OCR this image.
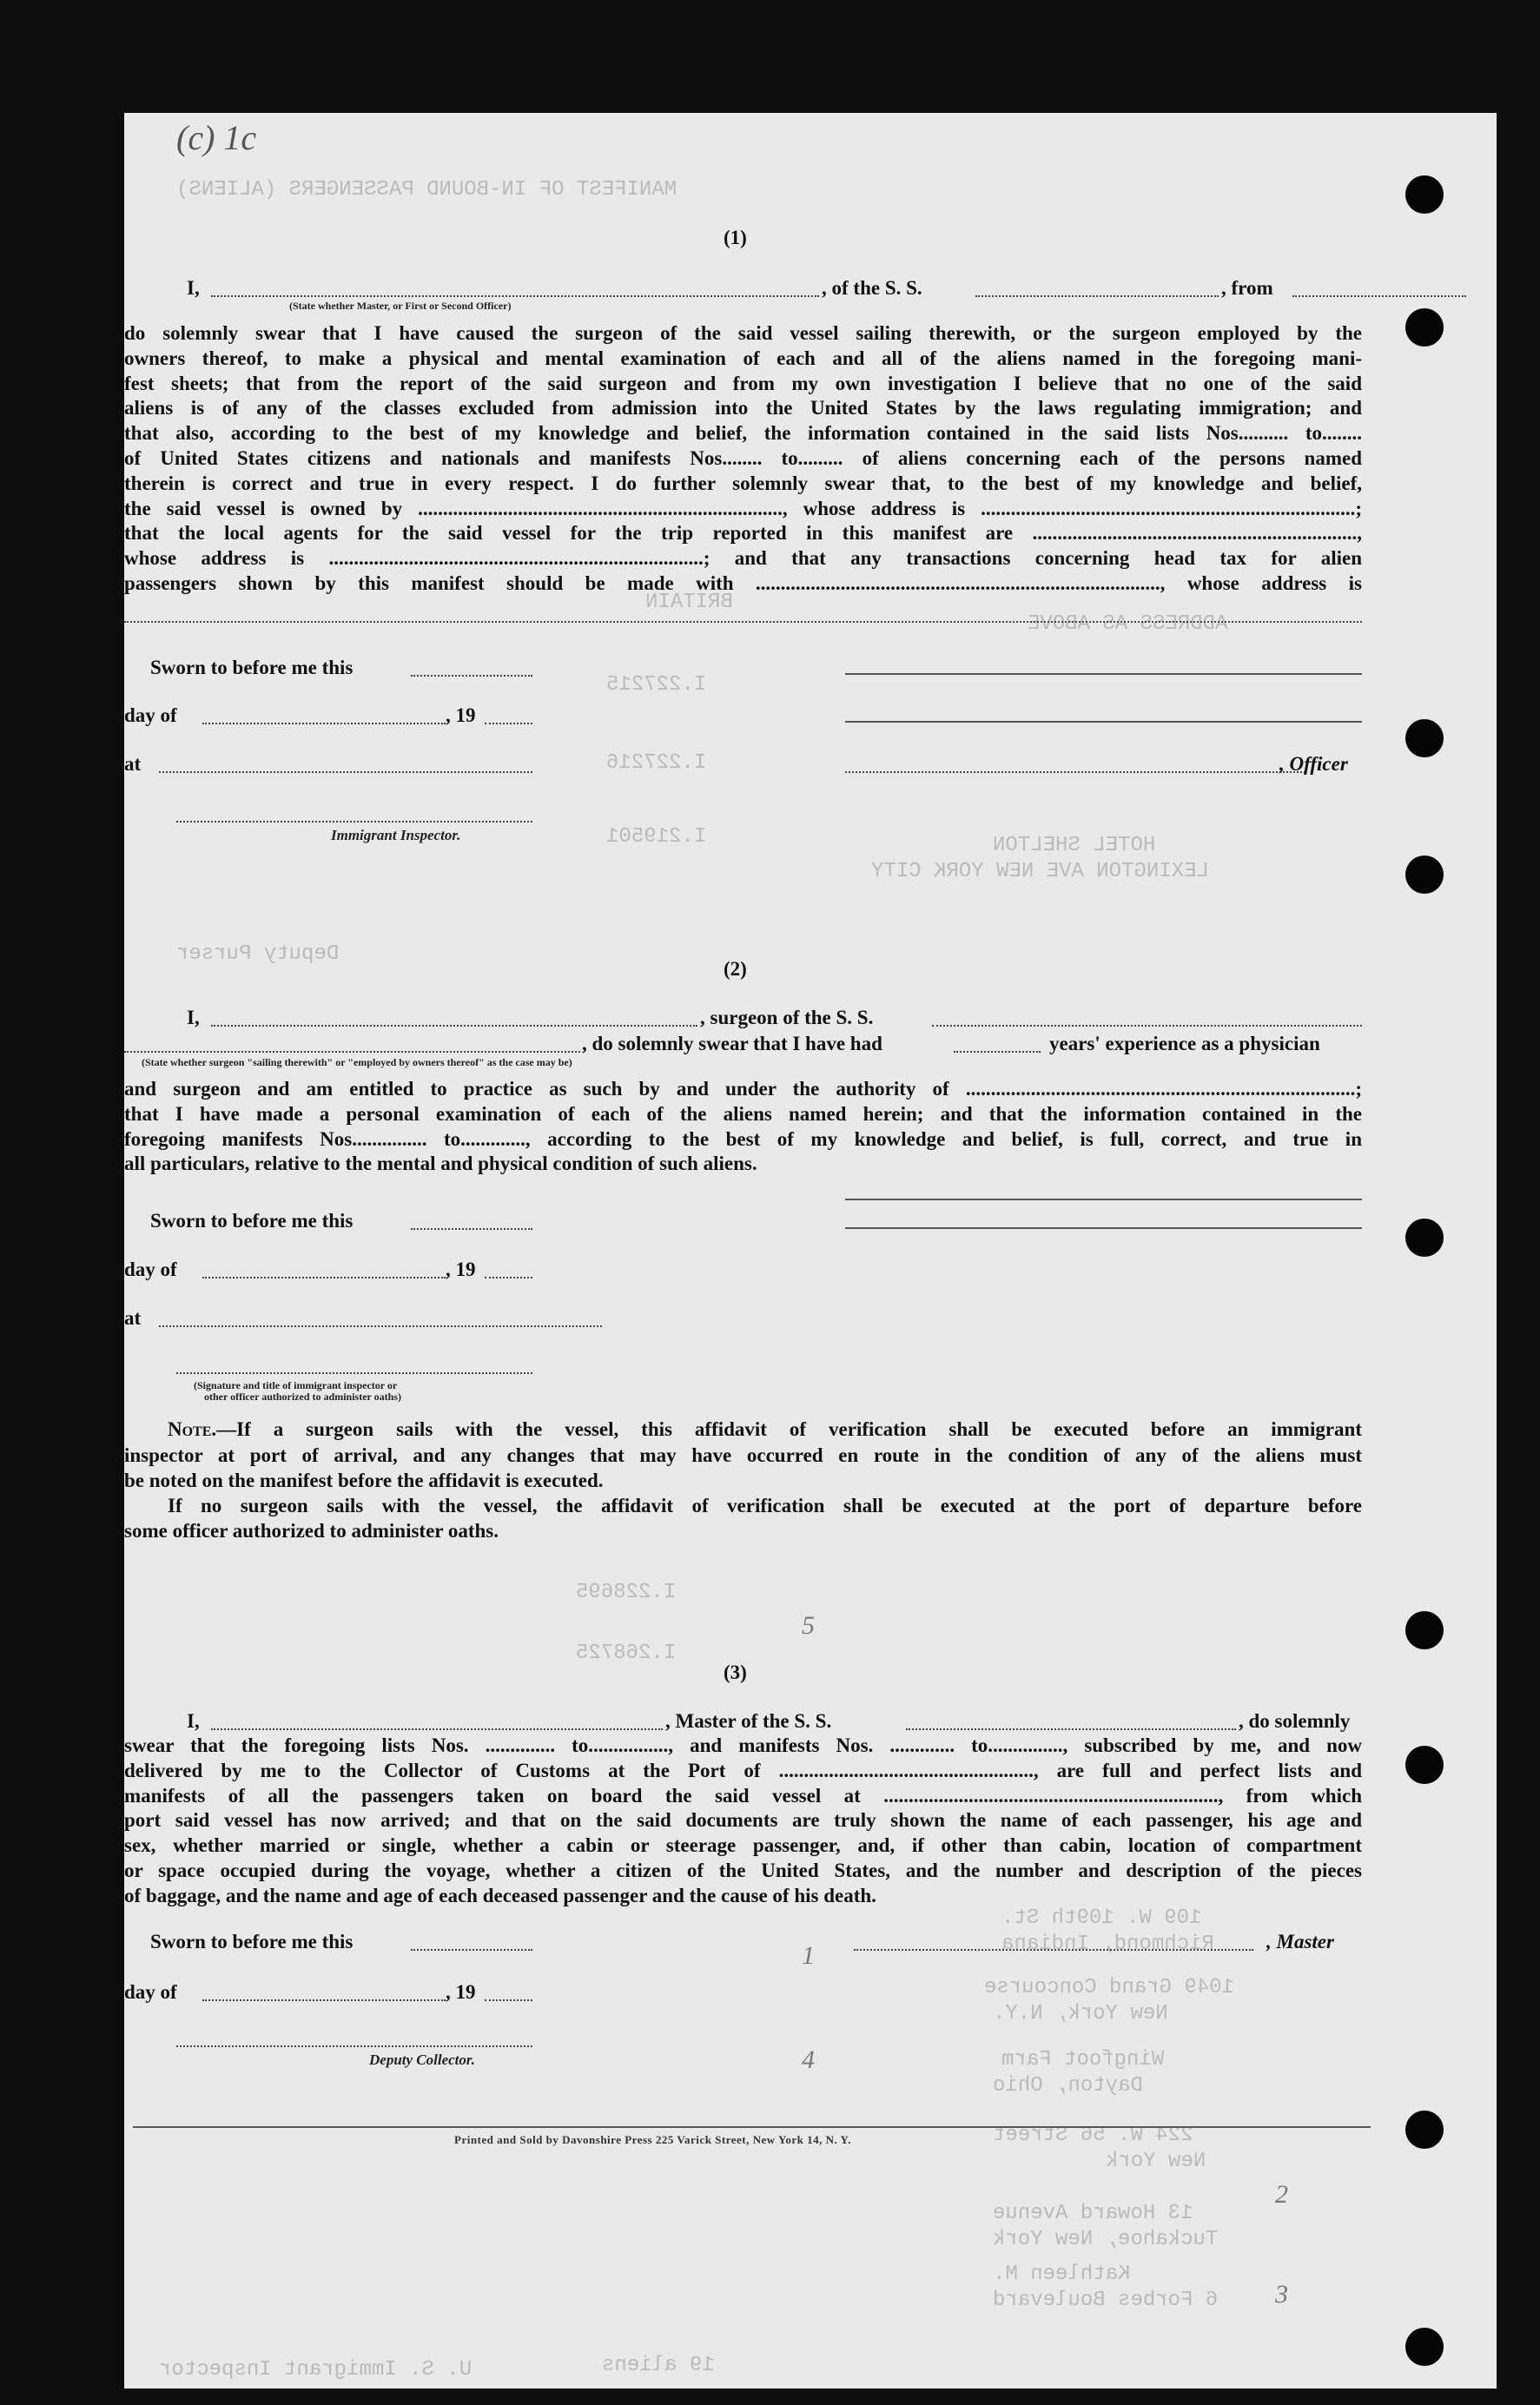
MANIFEST OF IN-BOUND PASSENGERS (ALIENS)
ADDRESS AS ABOVE
BRITAIN
I.227215
I.227216
HOTEL SHELTON
LEXINGTON AVE NEW YORK CITY
I.219501
Deputy Purser
I.228695
I.268725
109 W. 109th St.
Richmond, Indiana
1049 Grand Concourse
New York, N.Y.
Wingfoot Farm
Dayton, Ohio
224 W. 56 Street
New York
13 Howard Avenue
Tuckahoe, New York
Kathleen M.
6 Forbes Boulevard
19 aliens
U. S. Immigrant Inspector
(c) 1c
1
2
3
4
5
(1)
I,	, of the S. S.	, from
(State whether Master, or First or Second Officer)
do solemnly swear that I have caused the surgeon of the said vessel sailing therewith, or the surgeon employed by the
owners thereof, to make a physical and mental examination of each and all of the aliens named in the foregoing mani-
fest sheets; that from the report of the said surgeon and from my own investigation I believe that no one of the said
aliens is of any of the classes excluded from admission into the United States by the laws regulating immigration; and
that also, according to the best of my knowledge and belief, the information contained in the said lists Nos.......... to........
of United States citizens and nationals and manifests Nos........ to......... of aliens concerning each of the persons named
therein is correct and true in every respect. I do further solemnly swear that, to the best of my knowledge and belief,
the said vessel is owned by ........................................................................., whose address is ...........................................................................;
that the local agents for the said vessel for the trip reported in this manifest are .................................................................,
whose address is ...........................................................................; and that any transactions concerning head tax for alien
passengers shown by this manifest should be made with ................................................................................., whose address is
Sworn to before me this
day of	, 19
at
Immigrant Inspector.
, Officer
(2)
I,	, surgeon of the S. S.
, do solemnly swear that I have had	years' experience as a physician
(State whether surgeon "sailing therewith" or "employed by owners thereof" as the case may be)
and surgeon and am entitled to practice as such by and under the authority of ..............................................................................;
that I have made a personal examination of each of the aliens named herein; and that the information contained in the
foregoing manifests Nos............... to............., according to the best of my knowledge and belief, is full, correct, and true in
all particulars, relative to the mental and physical condition of such aliens.
Sworn to before me this
day of	, 19
at
(Signature and title of immigrant inspector or
other officer authorized to administer oaths)
Note. —If a surgeon sails with the vessel, this affidavit of verification shall be executed before an immigrant
inspector at port of arrival, and any changes that may have occurred en route in the condition of any of the aliens must
be noted on the manifest before the affidavit is executed.
If no surgeon sails with the vessel, the affidavit of verification shall be executed at the port of departure before
some officer authorized to administer oaths.
(3)
I,	, Master of the S. S.	, do solemnly
swear that the foregoing lists Nos. .............. to................, and manifests Nos. ............. to..............., subscribed by me, and now
delivered by me to the Collector of Customs at the Port of ..................................................., are full and perfect lists and
manifests of all the passengers taken on board the said vessel at ..................................................................., from which
port said vessel has now arrived; and that on the said documents are truly shown the name of each passenger, his age and
sex, whether married or single, whether a cabin or steerage passenger, and, if other than cabin, location of compartment
or space occupied during the voyage, whether a citizen of the United States, and the number and description of the pieces
of baggage, and the name and age of each deceased passenger and the cause of his death.
Sworn to before me this	, Master
day of	, 19
Deputy Collector.
Printed and Sold by Davonshire Press 225 Varick Street, New York 14, N. Y.
